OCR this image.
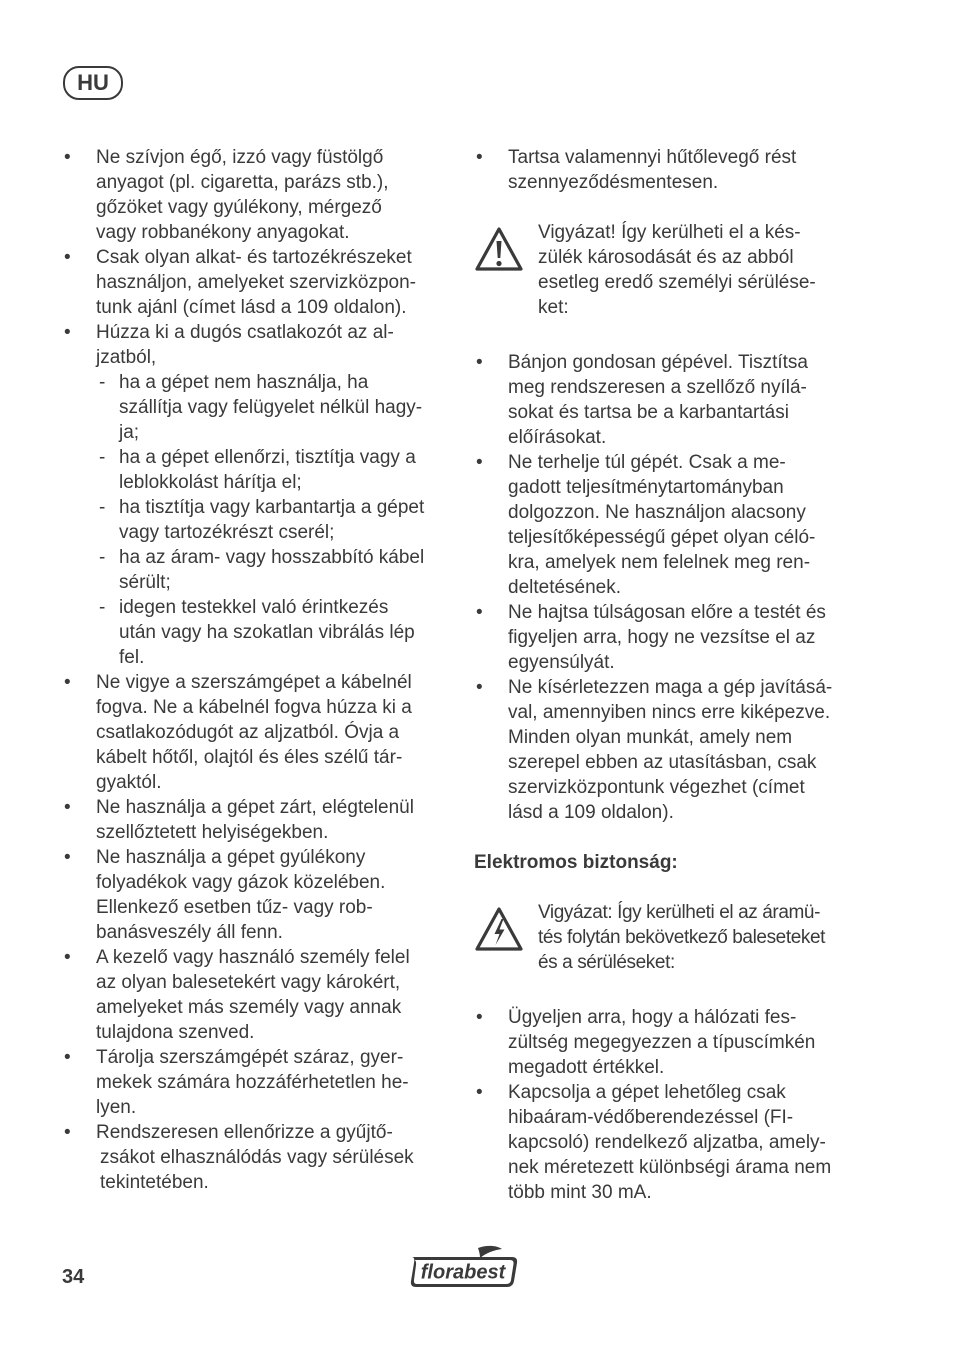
HU
• Ne szívjon égő, izzó vagy füstölgő
anyagot (pl. cigaretta, parázs stb.),
gőzöket vagy gyúlékony, mérgező
vagy robbanékony anyagokat.
• Csak olyan alkat- és tartozékrészeket
használjon, amelyeket szervizközpon-
tunk ajánl (címet lásd a 109 oldalon).
• Húzza ki a dugós csatlakozót az al-
jzatból,
- ha a gépet nem használja, ha
szállítja vagy felügyelet nélkül hagy-
ja;
- ha a gépet ellenőrzi, tisztítja vagy a
leblokkolást hárítja el;
- ha tisztítja vagy karbantartja a gépet
vagy tartozékrészt cserél;
- ha az áram- vagy hosszabbító kábel
sérült;
- idegen testekkel való érintkezés
után vagy ha szokatlan vibrálás lép
fel.
• Ne vigye a szerszámgépet a kábelnél
fogva. Ne a kábelnél fogva húzza ki a
csatlakozódugót az aljzatból. Óvja a
kábelt hőtől, olajtól és éles szélű tár-
gyaktól.
• Ne használja a gépet zárt, elégtelenül
szellőztetett helyiségekben.
• Ne használja a gépet gyúlékony
folyadékok vagy gázok közelében.
Ellenkező esetben tűz- vagy rob-
banásveszély áll fenn.
• A kezelő vagy használó személy felel
az olyan balesetekért vagy károkért,
amelyeket más személy vagy annak
tulajdona szenved.
• Tárolja szerszámgépét száraz, gyer-
mekek számára hozzáférhetetlen he-
lyen.
• Rendszeresen ellenőrizze a gyűjtő-
zsákot elhasználódás vagy sérülések
tekintetében.
• Tartsa valamennyi hűtőlevegő rést
szennyeződésmentesen.
Vigyázat! Így kerülheti el a kés-
zülék károsodását és az abból
esetleg eredő személyi sérülése-
ket:
• Bánjon gondosan gépével. Tisztítsa
meg rendszeresen a szellőző nyílá-
sokat és tartsa be a karbantartási
előírásokat.
• Ne terhelje túl gépét. Csak a me-
gadott teljesítménytartományban
dolgozzon. Ne használjon alacsony
teljesítőképességű gépet olyan céló-
kra, amelyek nem felelnek meg ren-
deltetésének.
• Ne hajtsa túlságosan előre a testét és
figyeljen arra, hogy ne vezsítse el az
egyensúlyát.
• Ne kísérletezzen maga a gép javításá-
val, amennyiben nincs erre kiképezve.
Minden olyan munkát, amely nem
szerepel ebben az utasításban, csak
szervizközpontunk végezhet (címet
lásd a 109 oldalon).
Elektromos biztonság:
Vigyázat: Így kerülheti el az áramü-
tés folytán bekövetkező baleseteket
és a sérüléseket:
• Ügyeljen arra, hogy a hálózati fes-
zültség megegyezzen a típuscímkén
megadott értékkel.
• Kapcsolja a gépet lehetőleg csak
hibaáram-védőberendezéssel (FI-
kapcsoló) rendelkező aljzatba, amely-
nek méretezett különbségi árama nem
több mint 30 mA.
34	florabest
